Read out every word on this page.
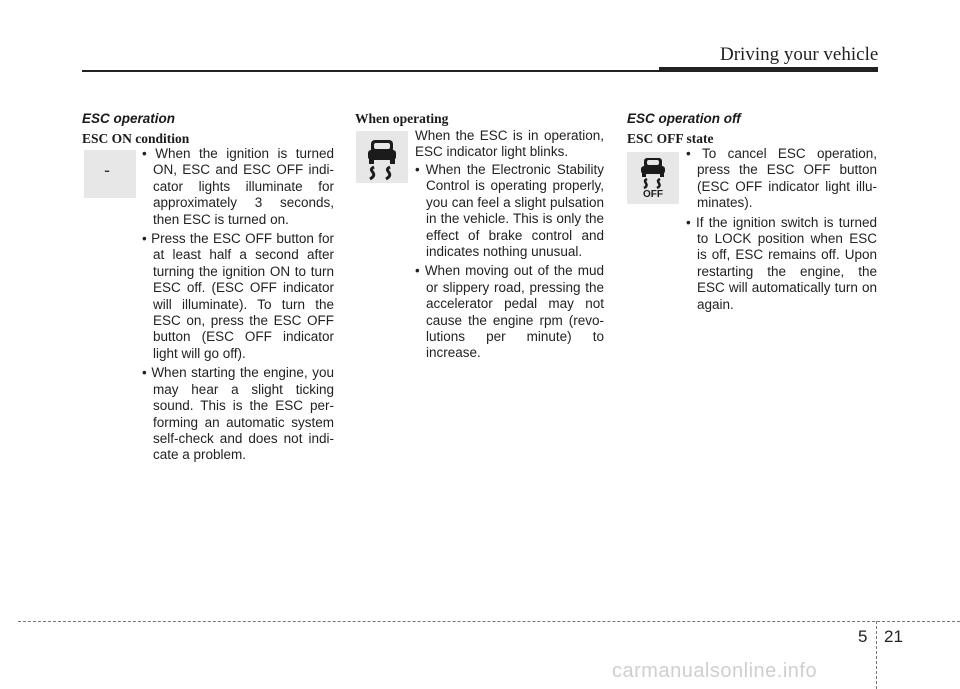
Driving your vehicle
ESC operation
ESC ON condition
-
• When the ignition is turned ON, ESC and ESC OFF indi-cator lights illuminate for approximately 3 seconds, then ESC is turned on.
• Press the ESC OFF button for at least half a second after turning the ignition ON to turn ESC off. (ESC OFF indicator will illuminate). To turn the ESC on, press the ESC OFF button (ESC OFF indicator light will go off).
• When starting the engine, you may hear a slight ticking sound. This is the ESC per-forming an automatic system self-check and does not indi-cate a problem.
When operating
When the ESC is in operation, ESC indicator light blinks.
• When the Electronic Stability Control is operating properly, you can feel a slight pulsation in the vehicle. This is only the effect of brake control and indicates nothing unusual.
• When moving out of the mud or slippery road, pressing the accelerator pedal may not cause the engine rpm (revo-lutions per minute) to increase.
ESC operation off
ESC OFF state
OFF
• To cancel ESC operation, press the ESC OFF button (ESC OFF indicator light illu-minates).
• If the ignition switch is turned to LOCK position when ESC is off, ESC remains off. Upon restarting the engine, the ESC will automatically turn on again.
5 21
carmanualsonline.info
